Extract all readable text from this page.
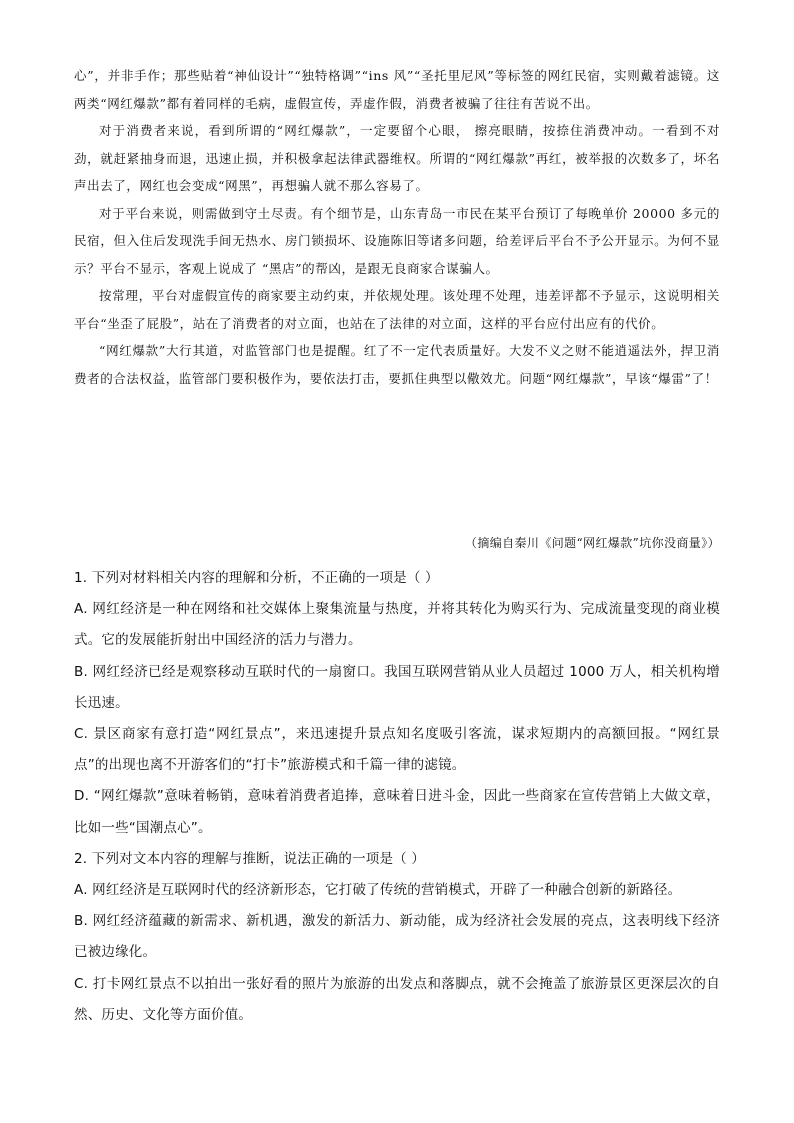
心”，并非手作；那些贴着“神仙设计”“独特格调”“ins 风”“圣托里尼风”等标签的网红民宿，实则戴着滤镜。这两类“网红爆款”都有着同样的毛病，虚假宣传，弄虚作假，消费者被骗了往往有苦说不出。

对于消费者来说，看到所谓的“网红爆款”，一定要留个心眼， 擦亮眼睛，按捺住消费冲动。一看到不对劲，就赶紧抽身而退，迅速止损，并积极拿起法律武器维权。所谓的“网红爆款”再红，被举报的次数多了，坏名声出去了，网红也会变成“网黑”，再想骗人就不那么容易了。

对于平台来说，则需做到守土尽责。有个细节是，山东青岛一市民在某平台预订了每晚单价 20000 多元的民宿，但入住后发现洗手间无热水、房门锁损坏、设施陈旧等诸多问题，给差评后平台不予公开显示。为何不显示？平台不显示，客观上说成了 “黑店”的帮凶，是跟无良商家合谋骗人。

按常理，平台对虚假宣传的商家要主动约束，并依规处理。该处理不处理，违差评都不予显示，这说明相关平台“坐歪了屁股”，站在了消费者的对立面，也站在了法律的对立面，这样的平台应付出应有的代价。

“网红爆款”大行其道，对监管部门也是提醒。红了不一定代表质量好。大发不义之财不能逍遥法外，捍卫消费者的合法权益，监管部门要积极作为，要依法打击，要抓住典型以儆效尤。问题“网红爆款”，早该“爆雷”了！

（摘编自秦川《问题“网红爆款”坑你没商量》）

1. 下列对材料相关内容的理解和分析，不正确的一项是（ ）

A. 网红经济是一种在网络和社交媒体上聚集流量与热度，并将其转化为购买行为、完成流量变现的商业模式。它的发展能折射出中国经济的活力与潜力。

B. 网红经济已经是观察移动互联时代的一扇窗口。我国互联网营销从业人员超过 1000 万人，相关机构增长迅速。

C. 景区商家有意打造“网红景点”，来迅速提升景点知名度吸引客流，谋求短期内的高额回报。“网红景点”的出现也离不开游客们的“打卡”旅游模式和千篇一律的滤镜。

D. “网红爆款”意味着畅销，意味着消费者追捧，意味着日进斗金，因此一些商家在宣传营销上大做文章，比如一些“国潮点心”。

2. 下列对文本内容的理解与推断，说法正确的一项是（ ）

A. 网红经济是互联网时代的经济新形态，它打破了传统的营销模式，开辟了一种融合创新的新路径。

B. 网红经济蕴藏的新需求、新机遇，激发的新活力、新动能，成为经济社会发展的亮点，这表明线下经济已被边缘化。

C. 打卡网红景点不以拍出一张好看的照片为旅游的出发点和落脚点，就不会掩盖了旅游景区更深层次的自然、历史、文化等方面价值。
